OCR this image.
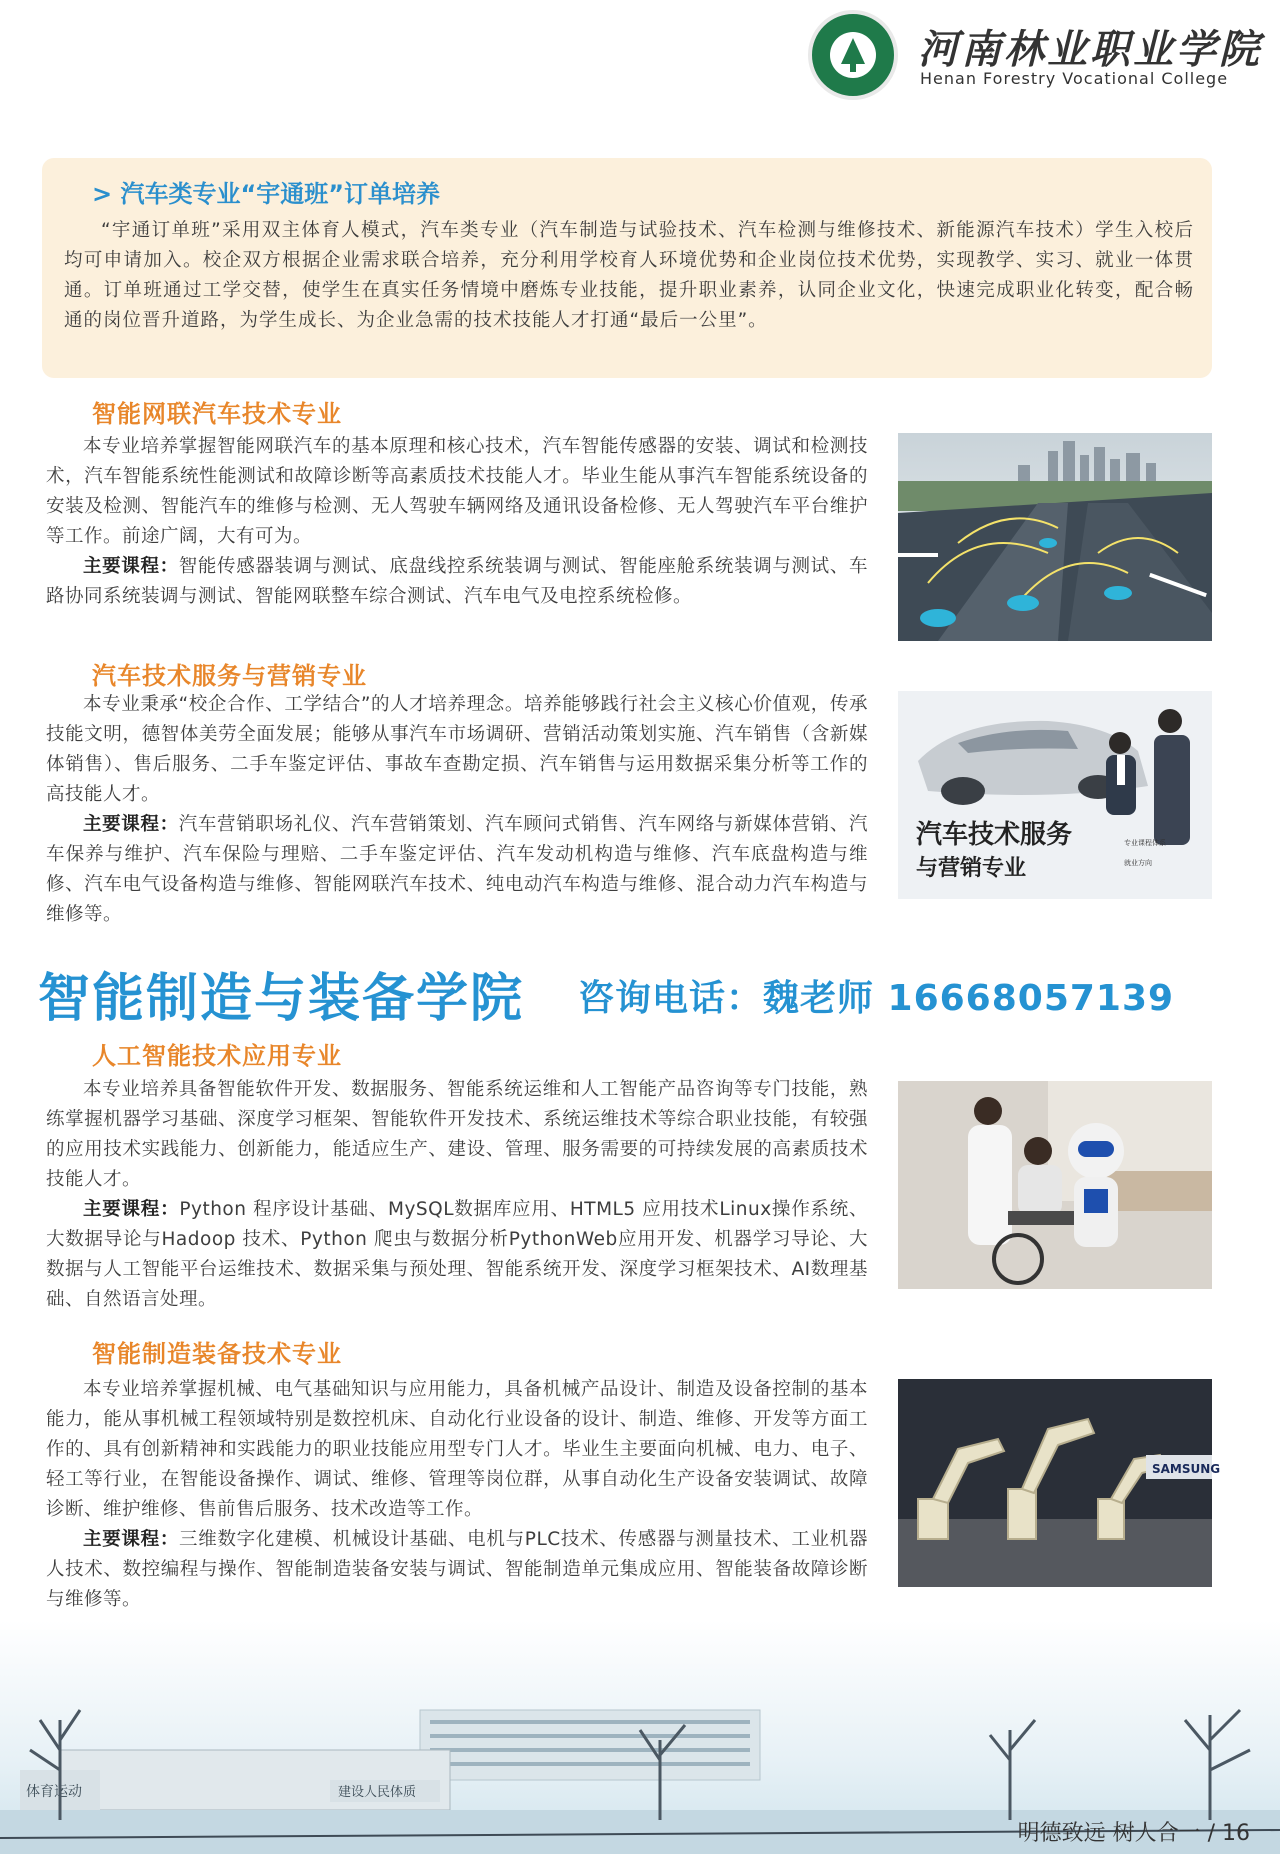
河南林业职业学院
Henan Forestry Vocational College
> 汽车类专业“宇通班”订单培养
“宇通订单班”采用双主体育人模式，汽车类专业（汽车制造与试验技术、汽车检测与维修技术、新能源汽车技术）学生入校后均可申请加入。校企双方根据企业需求联合培养，充分利用学校育人环境优势和企业岗位技术优势，实现教学、实习、就业一体贯通。订单班通过工学交替，使学生在真实任务情境中磨炼专业技能，提升职业素养，认同企业文化，快速完成职业化转变，配合畅通的岗位晋升道路，为学生成长、为企业急需的技术技能人才打通“最后一公里”。
智能网联汽车技术专业

本专业培养掌握智能网联汽车的基本原理和核心技术，汽车智能传感器的安装、调试和检测技术，汽车智能系统性能测试和故障诊断等高素质技术技能人才。毕业生能从事汽车智能系统设备的安装及检测、智能汽车的维修与检测、无人驾驶车辆网络及通讯设备检修、无人驾驶汽车平台维护等工作。前途广阔，大有可为。

主要课程：智能传感器装调与测试、底盘线控系统装调与测试、智能座舱系统装调与测试、车路协同系统装调与测试、智能网联整车综合测试、汽车电气及电控系统检修。

汽车技术服务与营销专业

本专业秉承“校企合作、工学结合”的人才培养理念。培养能够践行社会主义核心价值观，传承技能文明，德智体美劳全面发展；能够从事汽车市场调研、营销活动策划实施、汽车销售（含新媒体销售）、售后服务、二手车鉴定评估、事故车查勘定损、汽车销售与运用数据采集分析等工作的高技能人才。

主要课程：汽车营销职场礼仪、汽车营销策划、汽车顾问式销售、汽车网络与新媒体营销、汽车保养与维护、汽车保险与理赔、二手车鉴定评估、汽车发动机构造与维修、汽车底盘构造与维修、汽车电气设备构造与维修、智能网联汽车技术、纯电动汽车构造与维修、混合动力汽车构造与维修等。

汽车技术服务
与营销专业
专业课程体系
就业方向
智能制造与装备学院 咨询电话：魏老师 16668057139
人工智能技术应用专业

本专业培养具备智能软件开发、数据服务、智能系统运维和人工智能产品咨询等专门技能，熟练掌握机器学习基础、深度学习框架、智能软件开发技术、系统运维技术等综合职业技能，有较强的应用技术实践能力、创新能力，能适应生产、建设、管理、服务需要的可持续发展的高素质技术技能人才。

主要课程：Python 程序设计基础、MySQL数据库应用、HTML5 应用技术Linux操作系统、大数据导论与Hadoop 技术、Python 爬虫与数据分析PythonWeb应用开发、机器学习导论、大数据与人工智能平台运维技术、数据采集与预处理、智能系统开发、深度学习框架技术、AI数理基础、自然语言处理。

智能制造装备技术专业

本专业培养掌握机械、电气基础知识与应用能力，具备机械产品设计、制造及设备控制的基本能力，能从事机械工程领域特别是数控机床、自动化行业设备的设计、制造、维修、开发等方面工作的、具有创新精神和实践能力的职业技能应用型专门人才。毕业生主要面向机械、电力、电子、轻工等行业，在智能设备操作、调试、维修、管理等岗位群，从事自动化生产设备安装调试、故障诊断、维护维修、售前售后服务、技术改造等工作。

主要课程：三维数字化建模、机械设计基础、电机与PLC技术、传感器与测量技术、工业机器人技术、数控编程与操作、智能制造装备安装与调试、智能制造单元集成应用、智能装备故障诊断与维修等。

SAMSUNG
体育运动	建设人民体质
明德致远 树人合一 / 16
